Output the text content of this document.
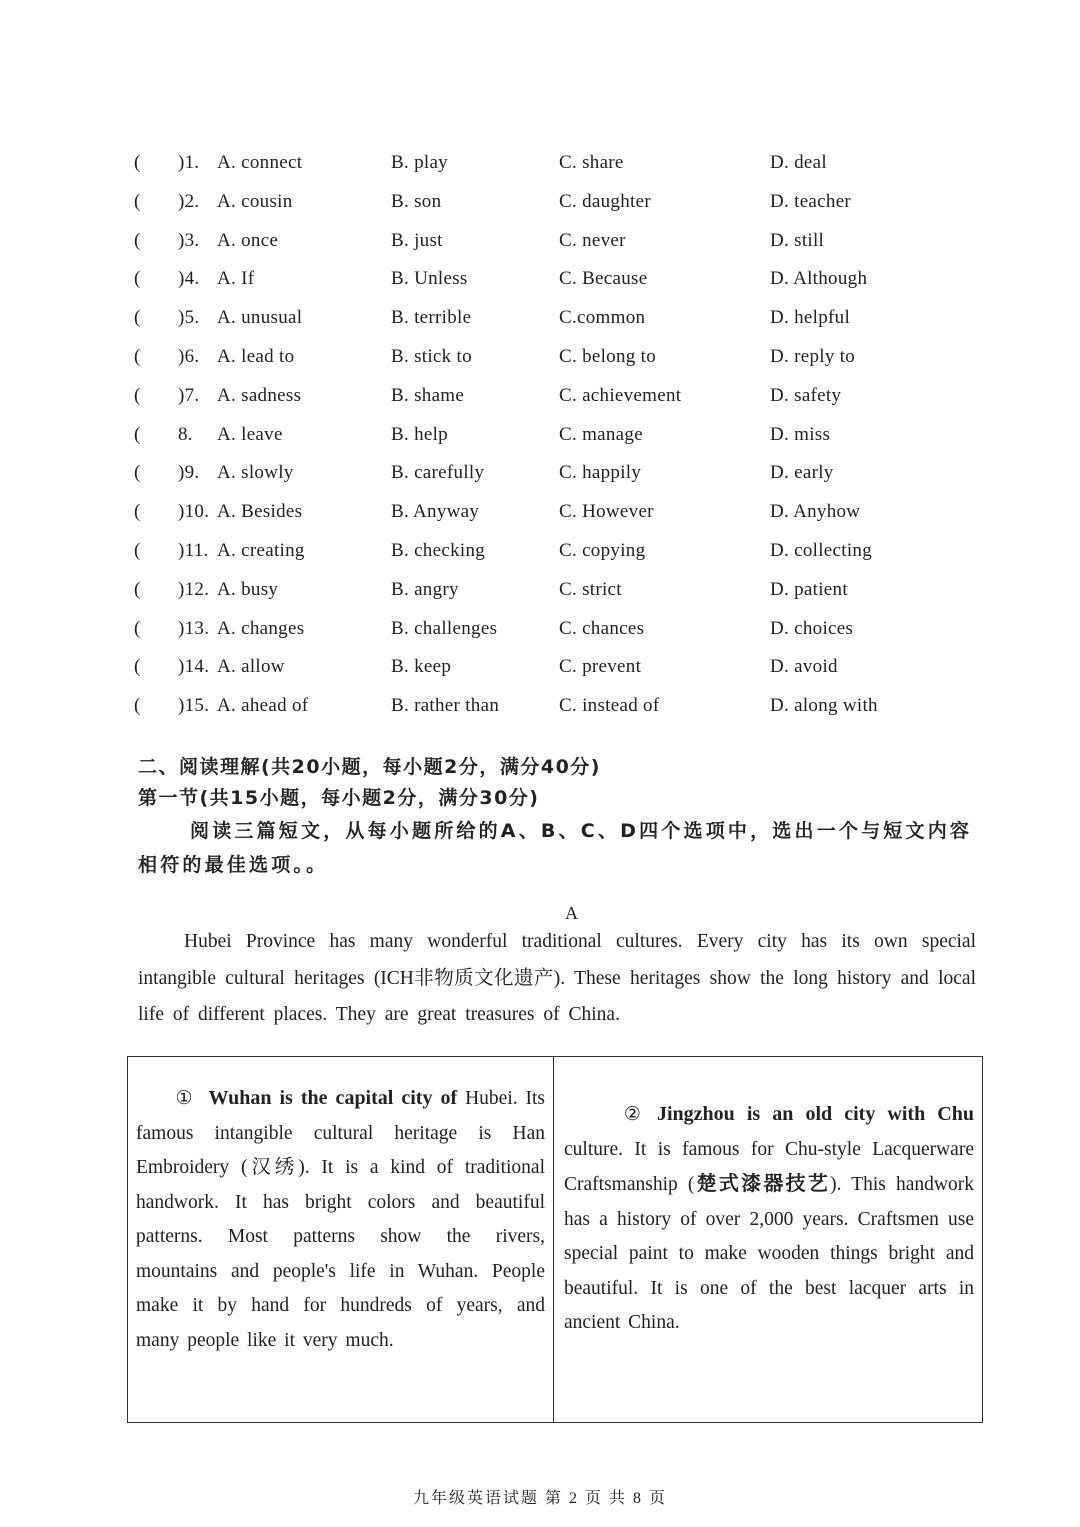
( )1. A. connect	B. play	C. share	D. deal
( )2. A. cousin	B. son	C. daughter	D. teacher
( )3. A. once	B. just	C. never	D. still
( )4. A. If	B. Unless	C. Because	D. Although
( )5. A. unusual	B. terrible	C.common	D. helpful
( )6. A. lead to	B. stick to	C. belong to	D. reply to
( )7. A. sadness	B. shame	C. achievement	D. safety
( 8. A. leave	B. help	C. manage	D. miss
( )9. A. slowly	B. carefully	C. happily	D. early
( )10. A. Besides	B. Anyway	C. However	D. Anyhow
( )11. A. creating	B. checking	C. copying	D. collecting
( )12. A. busy	B. angry	C. strict	D. patient
( )13. A. changes	B. challenges	C. chances	D. choices
( )14. A. allow	B. keep	C. prevent	D. avoid
( )15. A. ahead of	B. rather than	C. instead of	D. along with

二、阅读理解(共20小题，每小题2分，满分40分)

第一节(共15小题，每小题2分，满分30分)

阅读三篇短文，从每小题所给的A、B、C、D四个选项中，选出一个与短文内容相符的最佳选项。。

A

Hubei Province has many wonderful traditional cultures. Every city has its own special intangible cultural heritages (ICH非物质文化遗产). These heritages show the long history and local life of different places. They are great treasures of China.

① Wuhan is the capital city of Hubei. Its famous intangible cultural heritage is Han Embroidery (汉绣). It is a kind of traditional handwork. It has bright colors and beautiful patterns. Most patterns show the rivers, mountains and people's life in Wuhan. People make it by hand for hundreds of years, and many people like it very much.

② Jingzhou is an old city with Chu culture. It is famous for Chu-style Lacquerware Craftsmanship (楚式漆器技艺). This handwork has a history of over 2,000 years. Craftsmen use special paint to make wooden things bright and beautiful. It is one of the best lacquer arts in ancient China.

九年级英语试题 第 2 页 共 8 页
